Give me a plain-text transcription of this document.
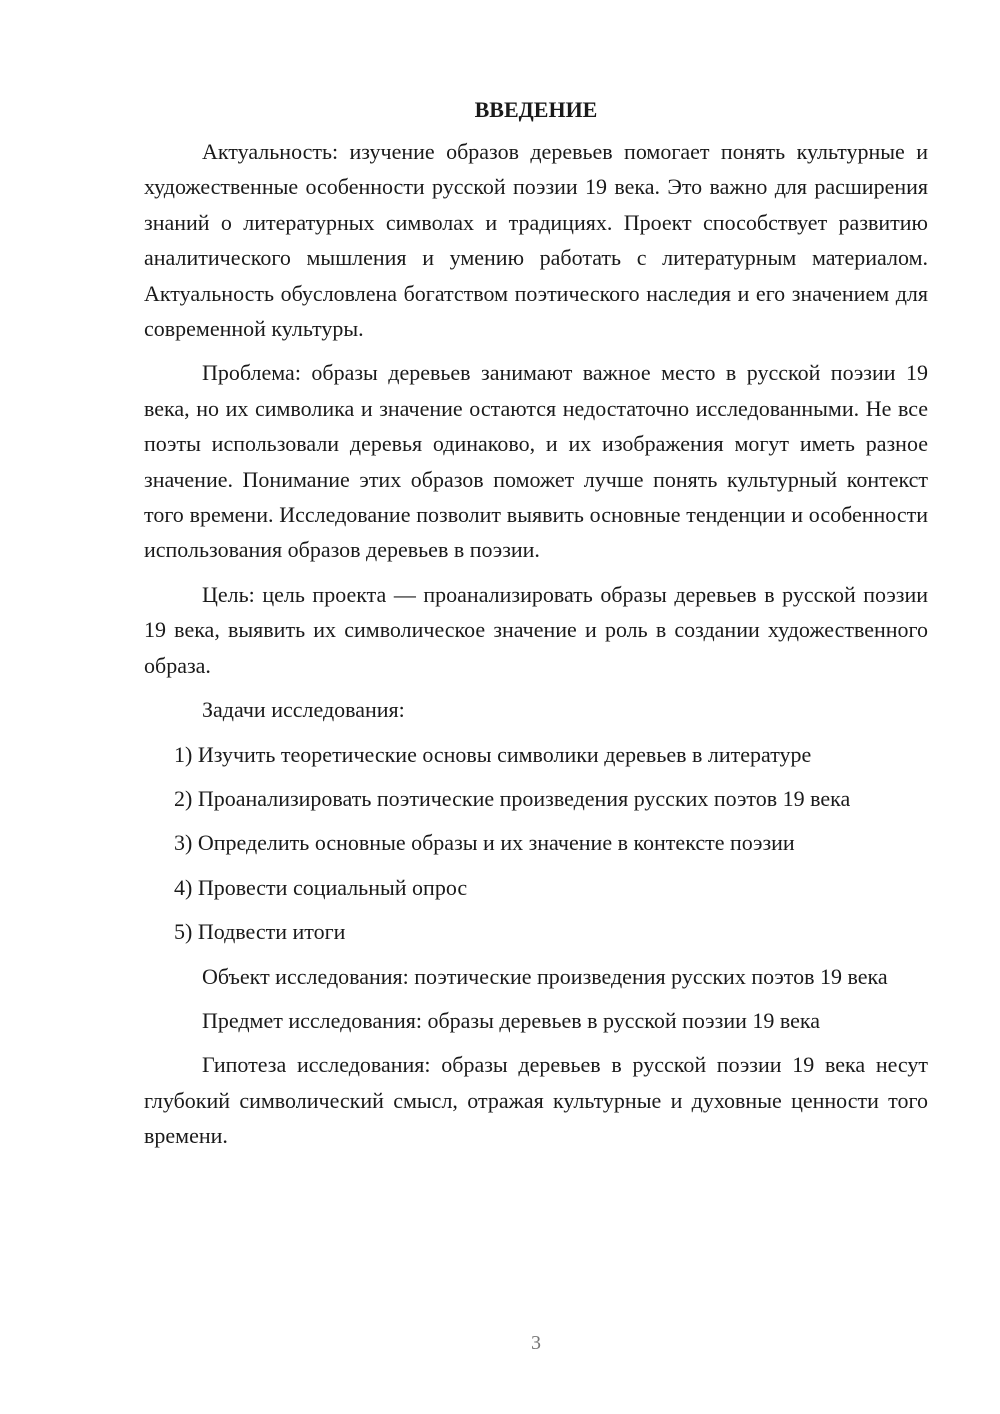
ВВЕДЕНИЕ

Актуальность: изучение образов деревьев помогает понять культурные и художественные особенности русской поэзии 19 века. Это важно для расширения знаний о литературных символах и традициях. Проект способствует развитию аналитического мышления и умению работать с литературным материалом. Актуальность обусловлена богатством поэтического наследия и его значением для современной культуры.

Проблема: образы деревьев занимают важное место в русской поэзии 19 века, но их символика и значение остаются недостаточно исследованными. Не все поэты использовали деревья одинаково, и их изображения могут иметь разное значение. Понимание этих образов поможет лучше понять культурный контекст того времени. Исследование позволит выявить основные тенденции и особенности использования образов деревьев в поэзии.

Цель: цель проекта — проанализировать образы деревьев в русской поэзии 19 века, выявить их символическое значение и роль в создании художественного образа.

Задачи исследования:

1) Изучить теоретические основы символики деревьев в литературе

2) Проанализировать поэтические произведения русских поэтов 19 века

3) Определить основные образы и их значение в контексте поэзии

4) Провести социальный опрос

5) Подвести итоги

Объект исследования: поэтические произведения русских поэтов 19 века

Предмет исследования: образы деревьев в русской поэзии 19 века

Гипотеза исследования: образы деревьев в русской поэзии 19 века несут глубокий символический смысл, отражая культурные и духовные ценности того времени.

3
